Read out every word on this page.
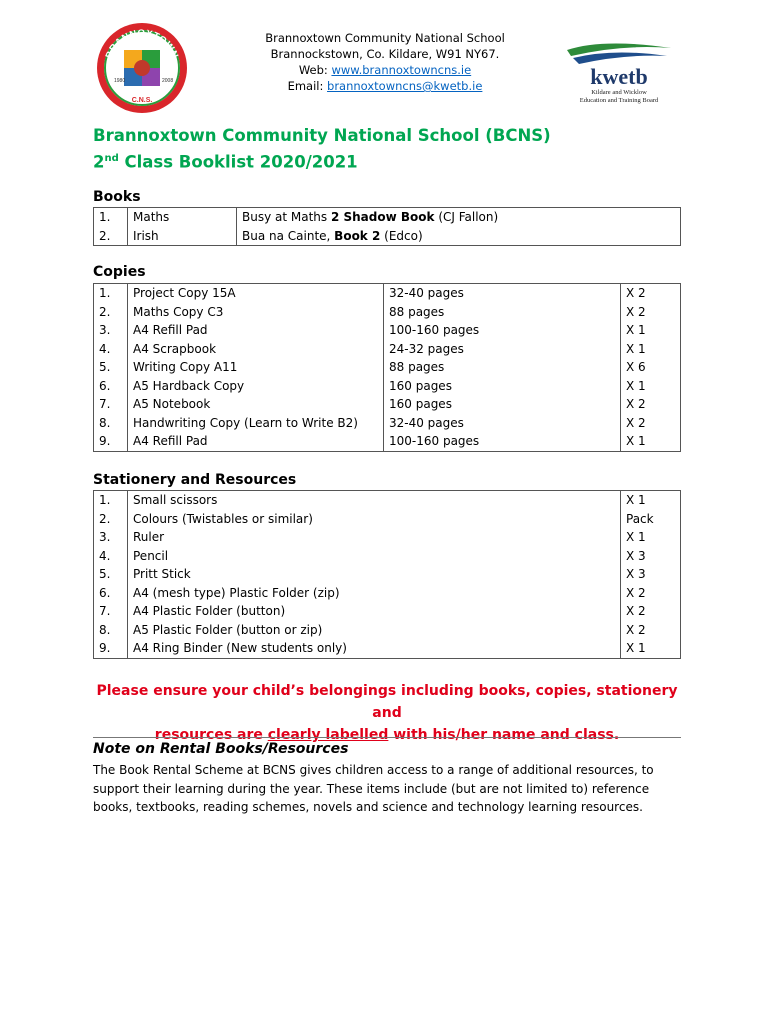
Brannoxtown Community National School
Brannockstown, Co. Kildare, W91 NY67.
Web: www.brannoxtowncns.ie
Email: brannoxtowncns@kwetb.ie
BRANNOXTOWN
1980	2008
C.N.S.
kwetb
Kildare and Wicklow
Education and Training Board
Brannoxtown Community National School (BCNS)
2nd Class Booklist 2020/2021
Books
1.	Maths	Busy at Maths 2 Shadow Book (CJ Fallon)
2.	Irish	Bua na Cainte, Book 2 (Edco)
Copies
1.	Project Copy 15A	32-40 pages	X 2
2.	Maths Copy C3	88 pages	X 2
3.	A4 Refill Pad	100-160 pages	X 1
4.	A4 Scrapbook	24-32 pages	X 1
5.	Writing Copy A11	88 pages	X 6
6.	A5 Hardback Copy	160 pages	X 1
7.	A5 Notebook	160 pages	X 2
8.	Handwriting Copy (Learn to Write B2)	32-40 pages	X 2
9.	A4 Refill Pad	100-160 pages	X 1
Stationery and Resources
1.	Small scissors	X 1
2.	Colours (Twistables or similar)	Pack
3.	Ruler	X 1
4.	Pencil	X 3
5.	Pritt Stick	X 3
6.	A4 (mesh type) Plastic Folder (zip)	X 2
7.	A4 Plastic Folder (button)	X 2
8.	A5 Plastic Folder (button or zip)	X 2
9.	A4 Ring Binder (New students only)	X 1
Please ensure your child’s belongings including books, copies, stationery and
resources are clearly labelled with his/her name and class.
Note on Rental Books/Resources
The Book Rental Scheme at BCNS gives children access to a range of additional resources, to support their learning during the year. These items include (but are not limited to) reference books, textbooks, reading schemes, novels and science and technology learning resources.
